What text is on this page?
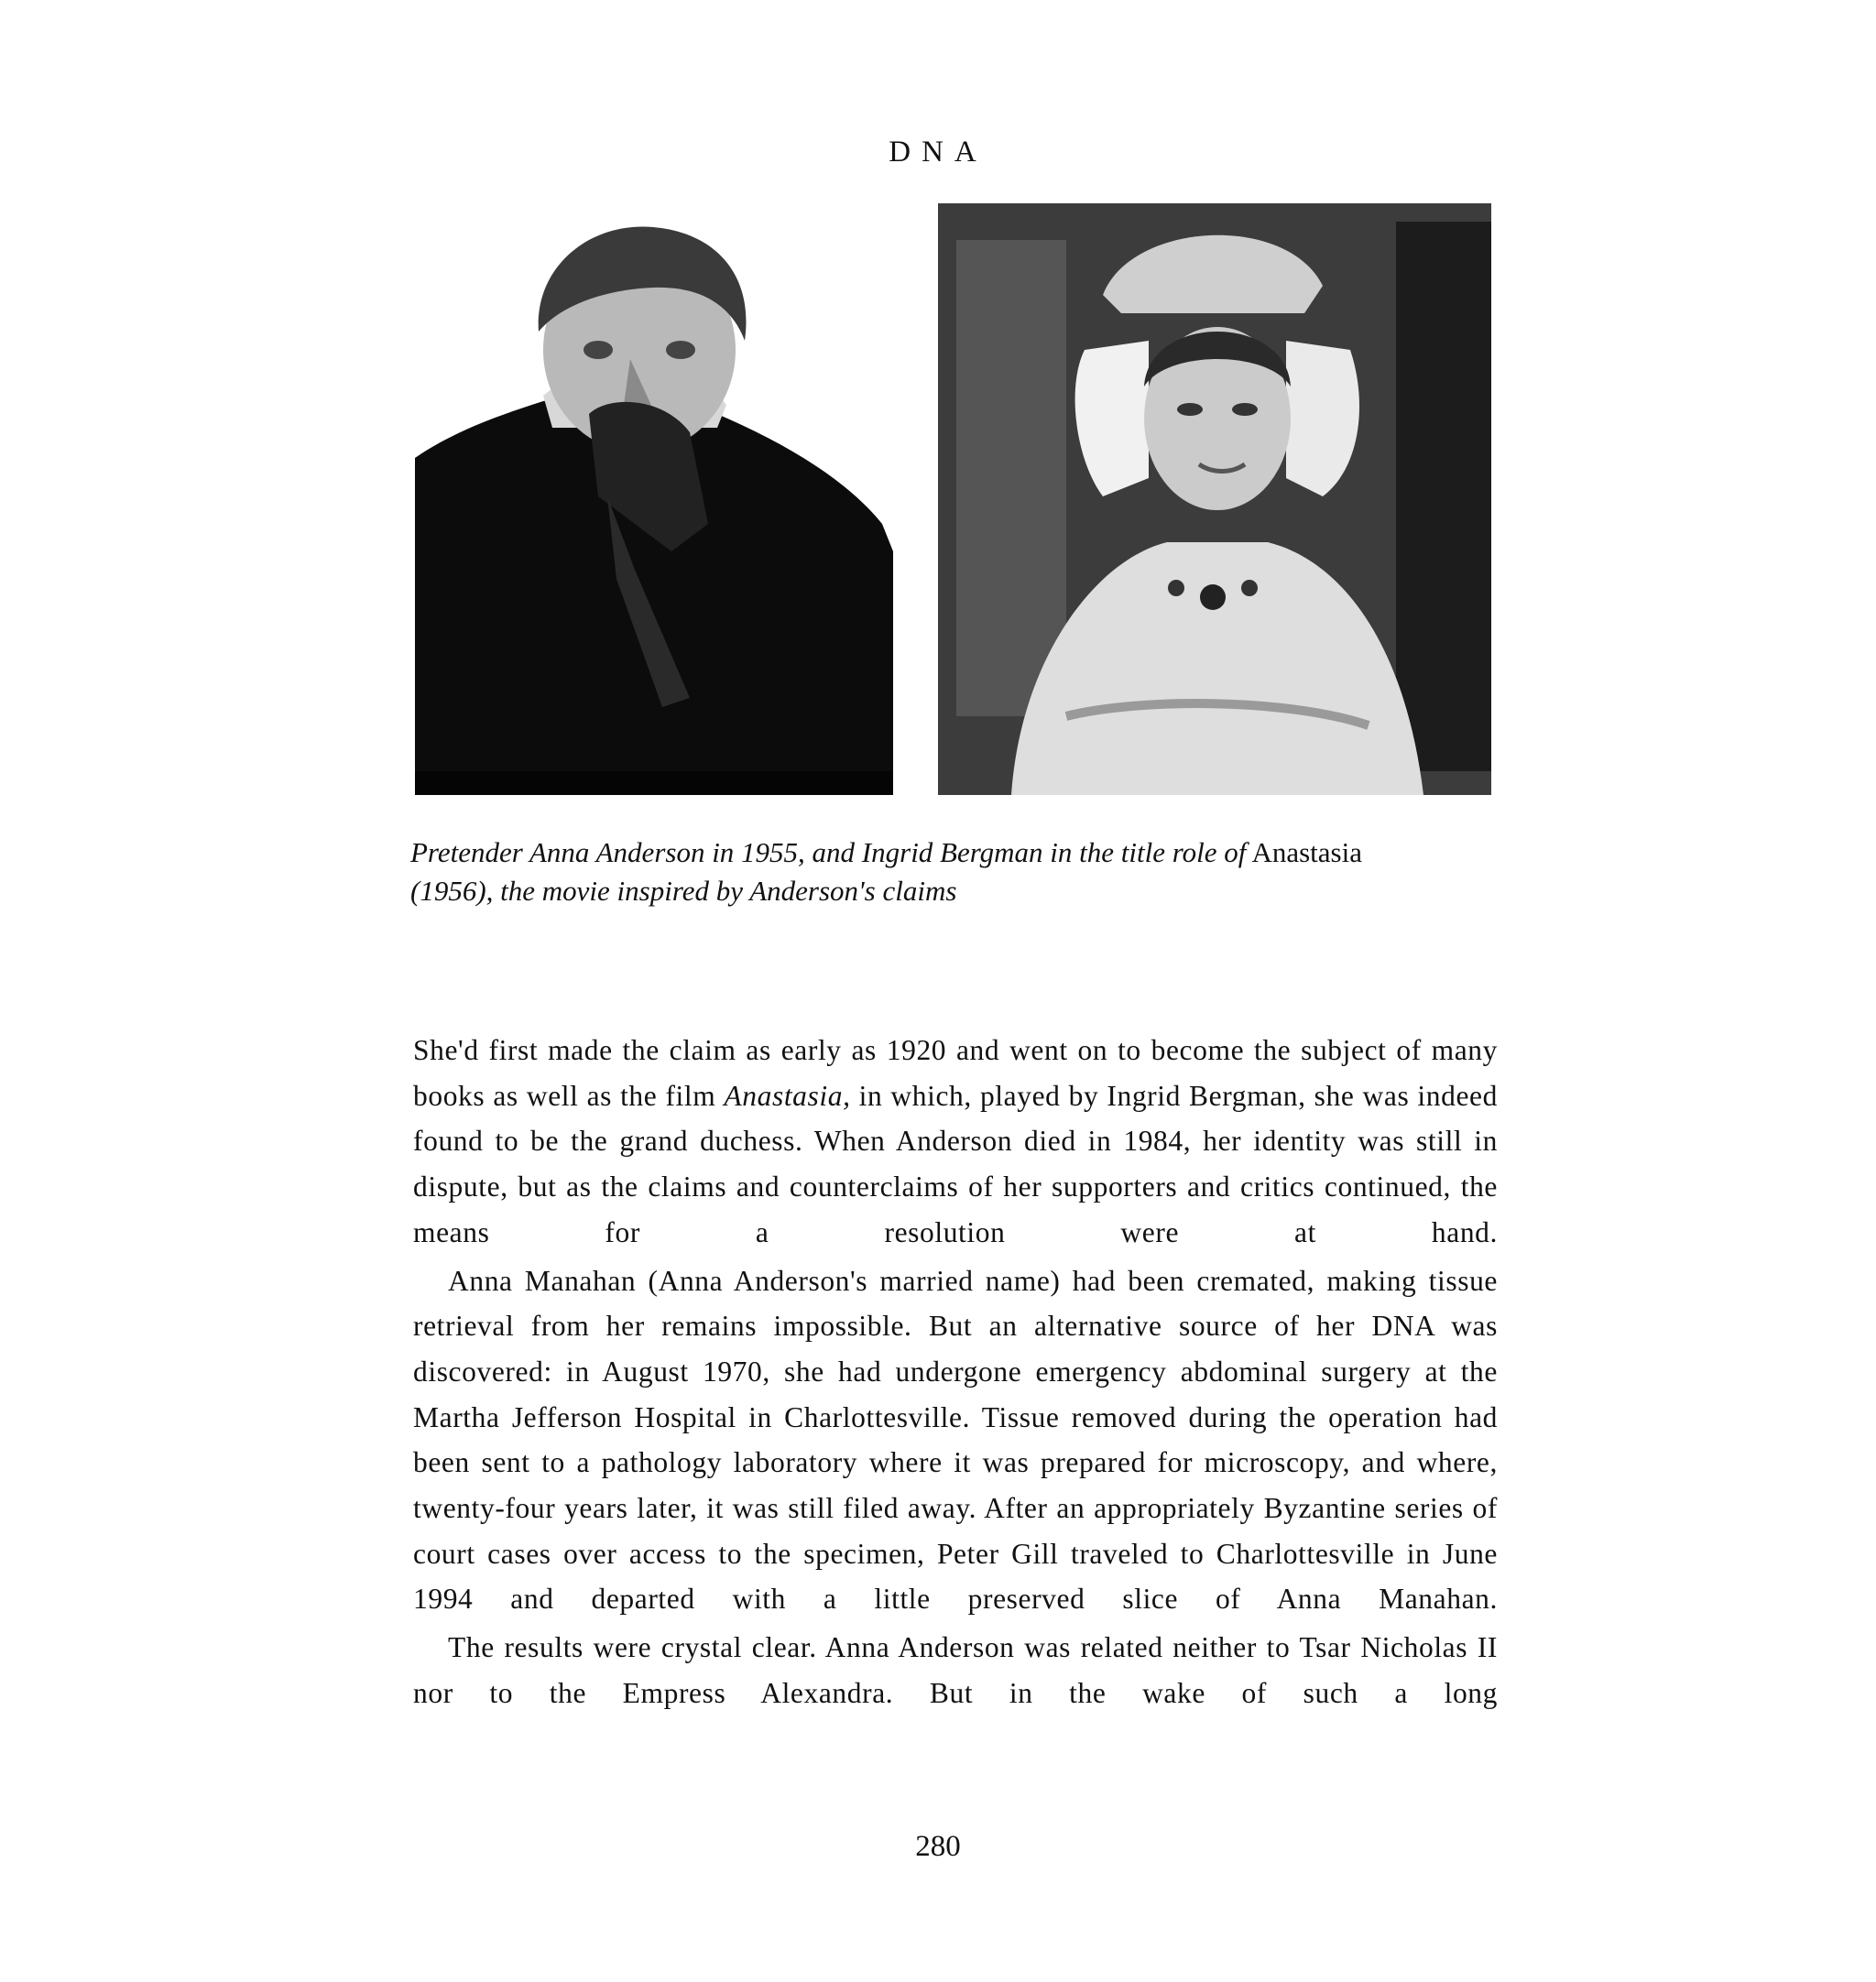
DNA
Pretender Anna Anderson in 1955, and Ingrid Bergman in the title role of Anastasia
(1956), the movie inspired by Anderson's claims

She'd first made the claim as early as 1920 and went on to become the subject of many books as well as the film Anastasia, in which, played by Ingrid Bergman, she was indeed found to be the grand duchess. When Anderson died in 1984, her identity was still in dispute, but as the claims and counterclaims of her supporters and critics continued, the means for a resolution were at hand.

Anna Manahan (Anna Anderson's married name) had been cremated, making tissue retrieval from her remains impossible. But an alternative source of her DNA was discovered: in August 1970, she had undergone emergency abdominal surgery at the Martha Jefferson Hospital in Charlottesville. Tissue removed during the operation had been sent to a pathology laboratory where it was prepared for microscopy, and where, twenty-four years later, it was still filed away. After an appropriately Byzantine series of court cases over access to the specimen, Peter Gill traveled to Charlottesville in June 1994 and departed with a little preserved slice of Anna Manahan.

The results were crystal clear. Anna Anderson was related neither to Tsar Nicholas II nor to the Empress Alexandra. But in the wake of such a long

280
